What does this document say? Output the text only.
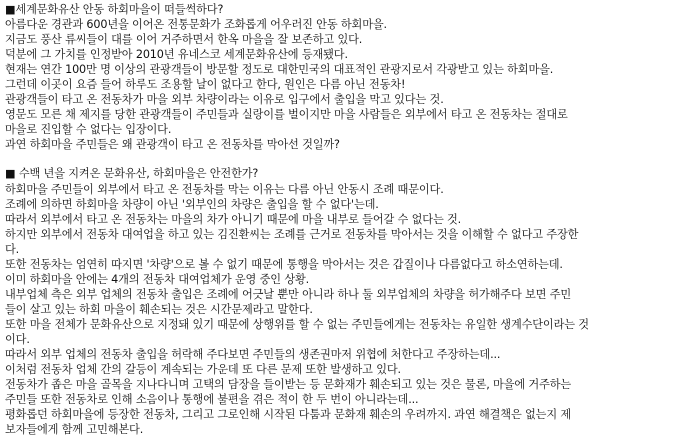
■세계문화유산 안동 하회마을이 떠들썩하다?
아름다운 경관과 600년을 이어온 전통문화가 조화롭게 어우러진 안동 하회마을.
지금도 풍산 류씨들이 대를 이어 거주하면서 한옥 마을을 잘 보존하고 있다.
덕분에 그 가치를 인정받아 2010년 유네스코 세계문화유산에 등재됐다.
현재는 연간 100만 명 이상의 관광객들이 방문할 정도로 대한민국의 대표적인 관광지로서 각광받고 있는 하회마을.
그런데 이곳이 요즘 들어 하루도 조용할 날이 없다고 한다, 원인은 다름 아닌 전동차!
관광객들이 타고 온 전동차가 마을 외부 차량이라는 이유로 입구에서 출입을 막고 있다는 것.
영문도 모른 채 제지를 당한 관광객들이 주민들과 실랑이를 벌이지만 마을 사람들은 외부에서 타고 온 전동차는 절대로
마을로 진입할 수 없다는 입장이다.
과연 하회마을 주민들은 왜 관광객이 타고 온 전동차를 막아선 것일까?
■ 수백 년을 지켜온 문화유산, 하회마을은 안전한가?
하회마을 주민들이 외부에서 타고 온 전동차를 막는 이유는 다름 아닌 안동시 조례 때문이다.
조례에 의하면 하회마을 차량이 아닌 '외부인의 차량은 출입을 할 수 없다'는데.
따라서 외부에서 타고 온 전동차는 마을의 차가 아니기 때문에 마을 내부로 들어갈 수 없다는 것.
하지만 외부에서 전동차 대여업을 하고 있는 김진환씨는 조례를 근거로 전동차를 막아서는 것을 이해할 수 없다고 주장한
다.
또한 전동차는 엄연히 따지면 '차량'으로 볼 수 없기 때문에 통행을 막아서는 것은 갑질이나 다름없다고 하소연하는데.
이미 하회마을 안에는 4개의 전동차 대여업체가 운영 중인 상황.
내부업체 측은 외부 업체의 전동차 출입은 조례에 어긋날 뿐만 아니라 하나 둘 외부업체의 차량을 허가해주다 보면 주민
들이 살고 있는 하회 마을이 훼손되는 것은 시간문제라고 말한다.
또한 마을 전체가 문화유산으로 지정돼 있기 때문에 상행위를 할 수 없는 주민들에게는 전동차는 유일한 생계수단이라는 것
이다.
따라서 외부 업체의 전동차 출입을 허락해 주다보면 주민들의 생존권마저 위협에 처한다고 주장하는데...
이처럼 전동차 업체 간의 갈등이 계속되는 가운데 또 다른 문제 또한 발생하고 있다.
전동차가 좁은 마을 골목을 지나다니며 고택의 담장을 들이받는 등 문화재가 훼손되고 있는 것은 물론, 마을에 거주하는
주민들 또한 전동차로 인해 소음이나 통행에 불편을 겪은 적이 한 두 번이 아니라는데...
평화롭던 하회마을에 등장한 전동차, 그리고 그로인해 시작된 다툼과 문화재 훼손의 우려까지. 과연 해결책은 없는지 제
보자들에게 함께 고민해본다.
